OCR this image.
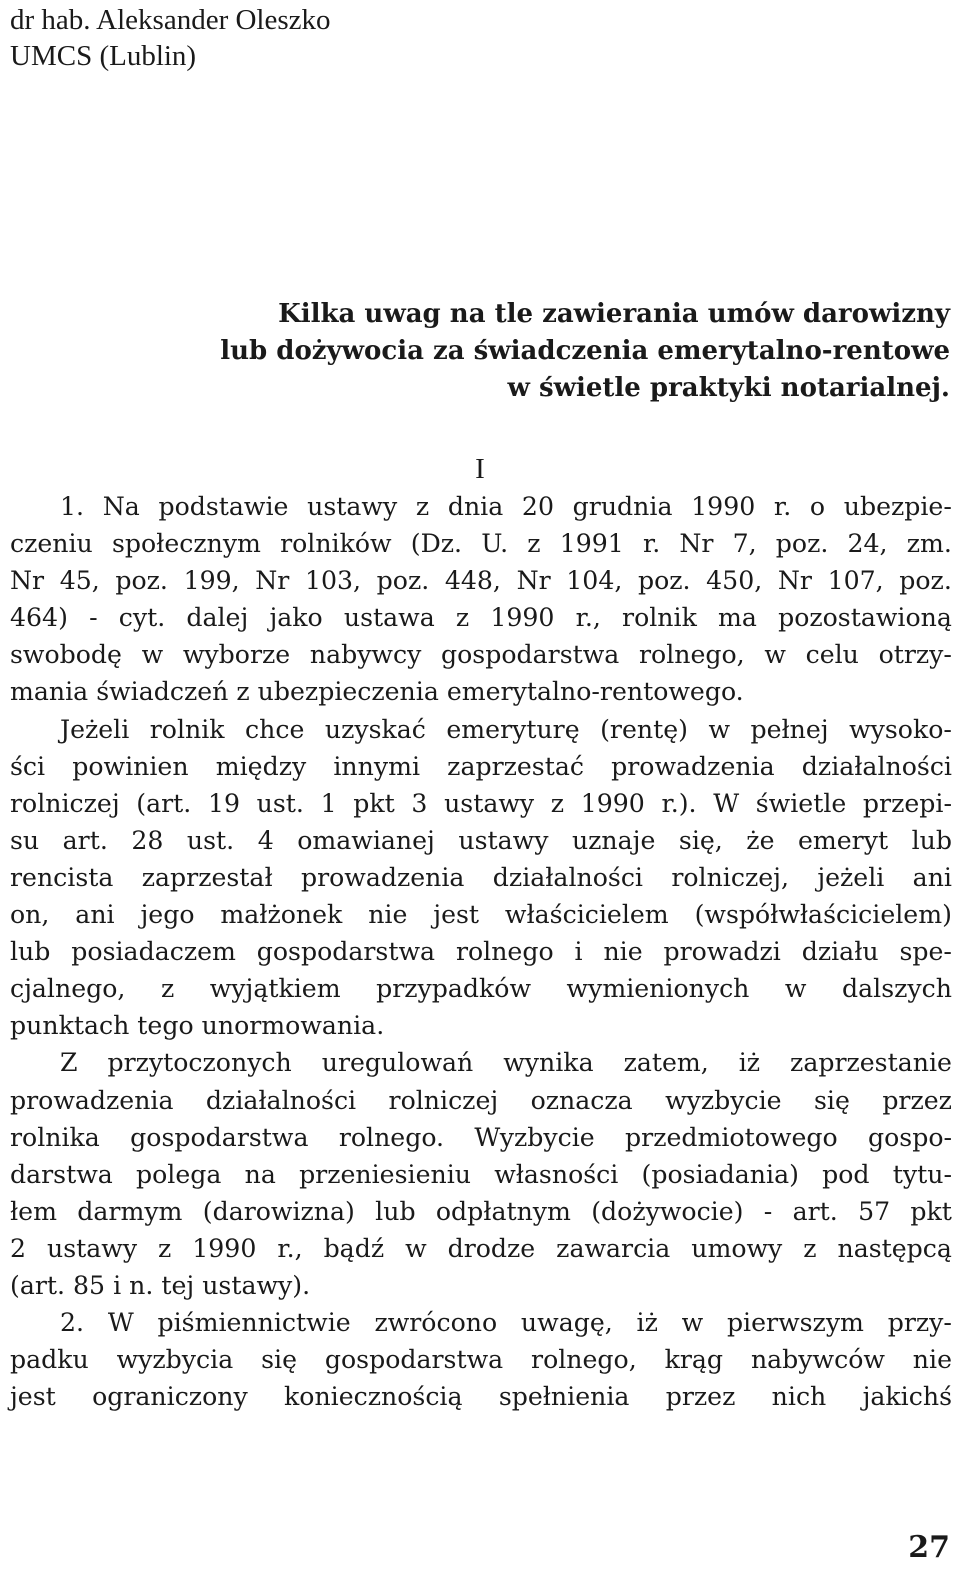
dr hab. Aleksander Oleszko
UMCS (Lublin)
Kilka uwag na tle zawierania umów darowizny
lub dożywocia za świadczenia emerytalno-rentowe
w świetle praktyki notarialnej.
I
1. Na podstawie ustawy z dnia 20 grudnia 1990 r. o ubezpie-
czeniu społecznym rolników (Dz. U. z 1991 r. Nr 7, poz. 24, zm.
Nr 45, poz. 199, Nr 103, poz. 448, Nr 104, poz. 450, Nr 107, poz.
464) - cyt. dalej jako ustawa z 1990 r., rolnik ma pozostawioną
swobodę w wyborze nabywcy gospodarstwa rolnego, w celu otrzy-
mania świadczeń z ubezpieczenia emerytalno-rentowego.
Jeżeli rolnik chce uzyskać emeryturę (rentę) w pełnej wysoko-
ści powinien między innymi zaprzestać prowadzenia działalności
rolniczej (art. 19 ust. 1 pkt 3 ustawy z 1990 r.). W świetle przepi-
su art. 28 ust. 4 omawianej ustawy uznaje się, że emeryt lub
rencista zaprzestał prowadzenia działalności rolniczej, jeżeli ani
on, ani jego małżonek nie jest właścicielem (współwłaścicielem)
lub posiadaczem gospodarstwa rolnego i nie prowadzi działu spe-
cjalnego, z wyjątkiem przypadków wymienionych w dalszych
punktach tego unormowania.
Z przytoczonych uregulowań wynika zatem, iż zaprzestanie
prowadzenia działalności rolniczej oznacza wyzbycie się przez
rolnika gospodarstwa rolnego. Wyzbycie przedmiotowego gospo-
darstwa polega na przeniesieniu własności (posiadania) pod tytu-
łem darmym (darowizna) lub odpłatnym (dożywocie) - art. 57 pkt
2 ustawy z 1990 r., bądź w drodze zawarcia umowy z następcą
(art. 85 i n. tej ustawy).
2. W piśmiennictwie zwrócono uwagę, iż w pierwszym przy-
padku wyzbycia się gospodarstwa rolnego, krąg nabywców nie
jest ograniczony koniecznością spełnienia przez nich jakichś
27
